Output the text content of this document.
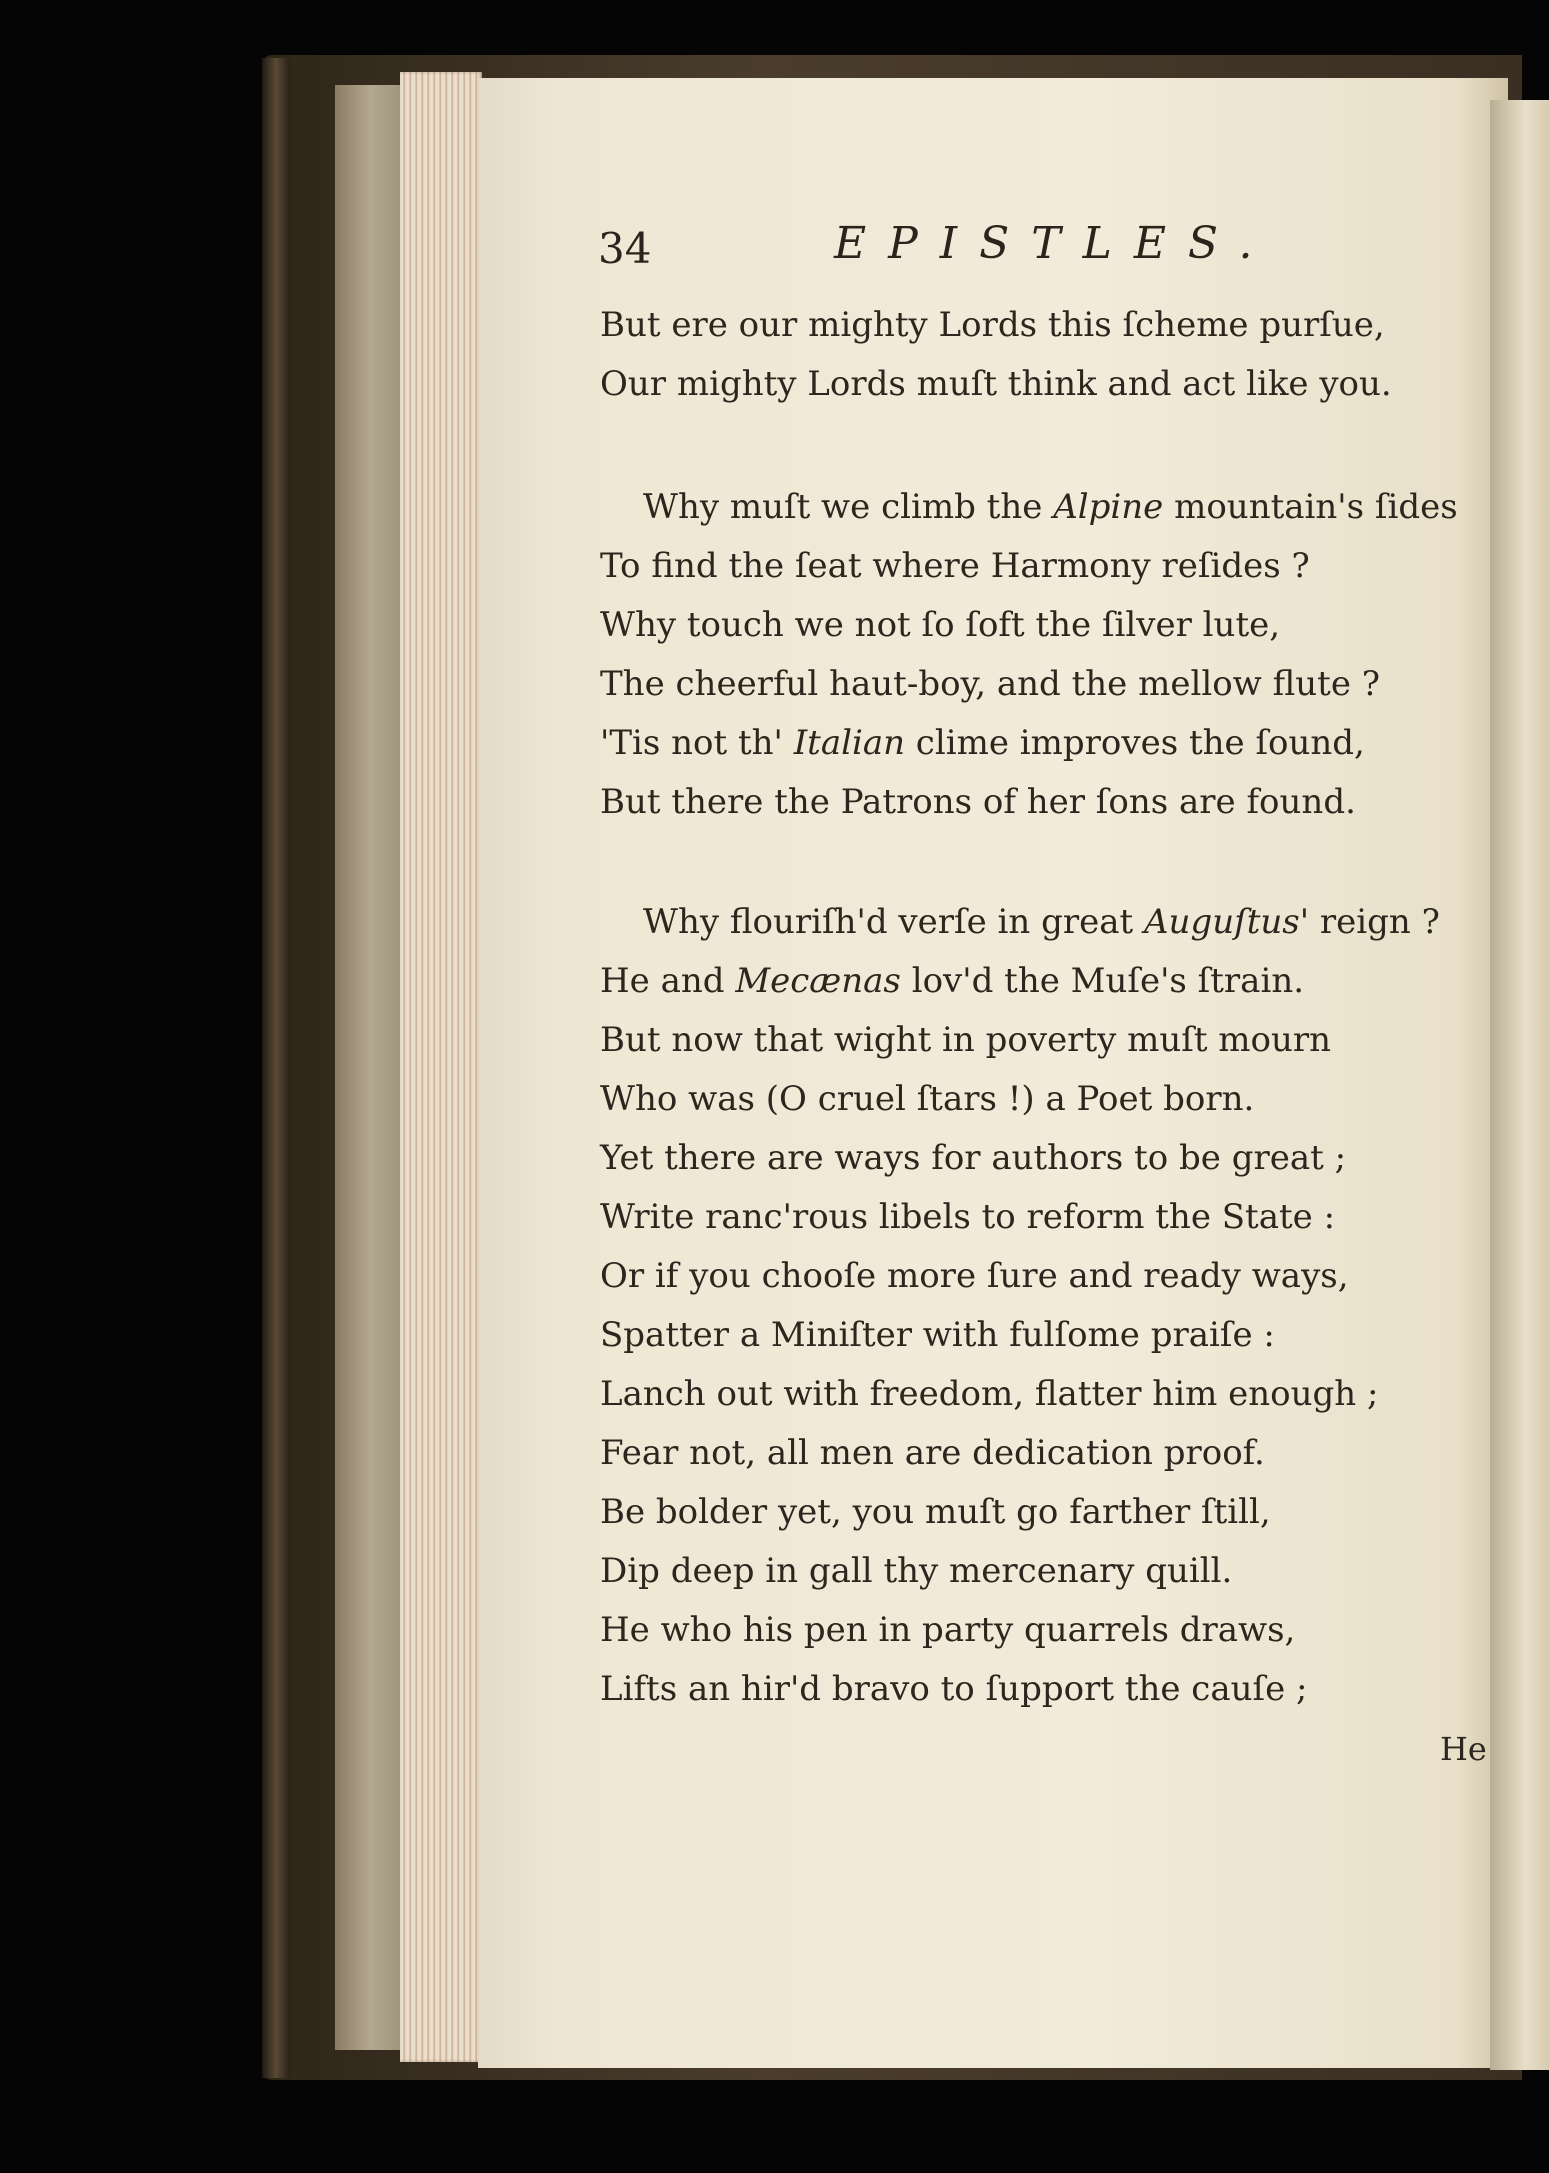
34	EPISTLES.
But ere our mighty Lords this ſcheme purſue,
Our mighty Lords muſt think and act like you.
Why muſt we climb the Alpine mountain's ſides
To find the ſeat where Harmony reſides ?
Why touch we not ſo ſoft the ſilver lute,
The cheerful haut-boy, and the mellow flute ?
'Tis not th' Italian clime improves the ſound,
But there the Patrons of her ſons are found.
Why flouriſh'd verſe in great Auguſtus' reign ?
He and Mecænas lov'd the Muſe's ſtrain.
But now that wight in poverty muſt mourn
Who was (O cruel ſtars !) a Poet born.
Yet there are ways for authors to be great ;
Write ranc'rous libels to reform the State :
Or if you chooſe more ſure and ready ways,
Spatter a Miniſter with fulſome praiſe :
Lanch out with freedom, flatter him enough ;
Fear not, all men are dedication proof.
Be bolder yet, you muſt go farther ſtill,
Dip deep in gall thy mercenary quill.
He who his pen in party quarrels draws,
Lifts an hir'd bravo to ſupport the cauſe ;
He
